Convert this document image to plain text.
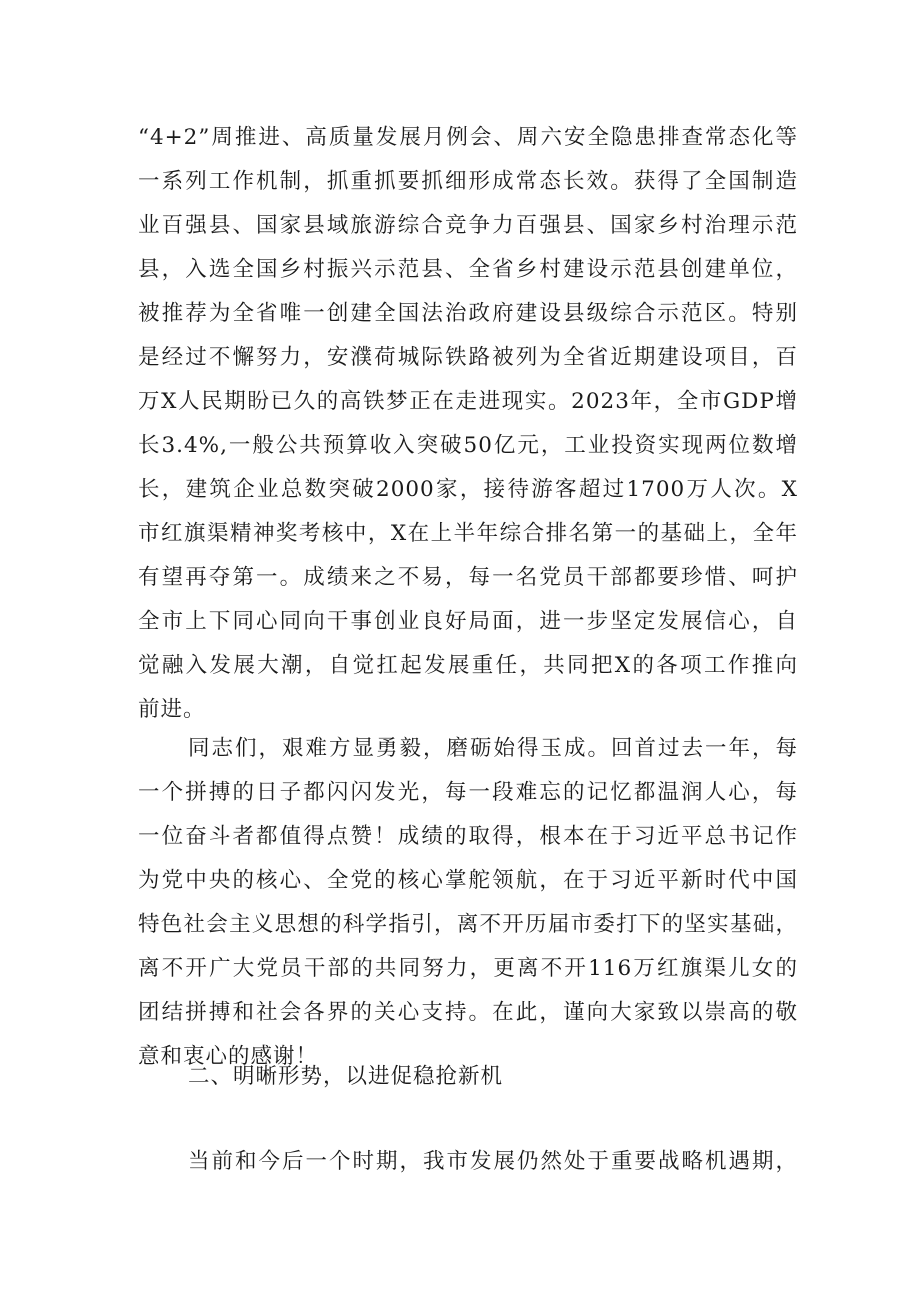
“4+2”周推进、高质量发展月例会、周六安全隐患排查常态化等
一系列工作机制，抓重抓要抓细形成常态长效。获得了全国制造
业百强县、国家县域旅游综合竞争力百强县、国家乡村治理示范
县，入选全国乡村振兴示范县、全省乡村建设示范县创建单位，
被推荐为全省唯一创建全国法治政府建设县级综合示范区。特别
是经过不懈努力，安濮荷城际铁路被列为全省近期建设项目，百
万X人民期盼已久的高铁梦正在走进现实。2023年，全市GDP增
长3.4%,一般公共预算收入突破50亿元，工业投资实现两位数增
长，建筑企业总数突破2000家，接待游客超过1700万人次。X
市红旗渠精神奖考核中，X在上半年综合排名第一的基础上，全年
有望再夺第一。成绩来之不易，每一名党员干部都要珍惜、呵护
全市上下同心同向干事创业良好局面，进一步坚定发展信心，自
觉融入发展大潮，自觉扛起发展重任，共同把X的各项工作推向
前进。
同志们，艰难方显勇毅，磨砺始得玉成。回首过去一年，每
一个拼搏的日子都闪闪发光，每一段难忘的记忆都温润人心，每
一位奋斗者都值得点赞！成绩的取得，根本在于习近平总书记作
为党中央的核心、全党的核心掌舵领航，在于习近平新时代中国
特色社会主义思想的科学指引，离不开历届市委打下的坚实基础，
离不开广大党员干部的共同努力，更离不开116万红旗渠儿女的
团结拼搏和社会各界的关心支持。在此，谨向大家致以崇高的敬
意和衷心的感谢！
二、明晰形势，以进促稳抢新机
当前和今后一个时期，我市发展仍然处于重要战略机遇期，
